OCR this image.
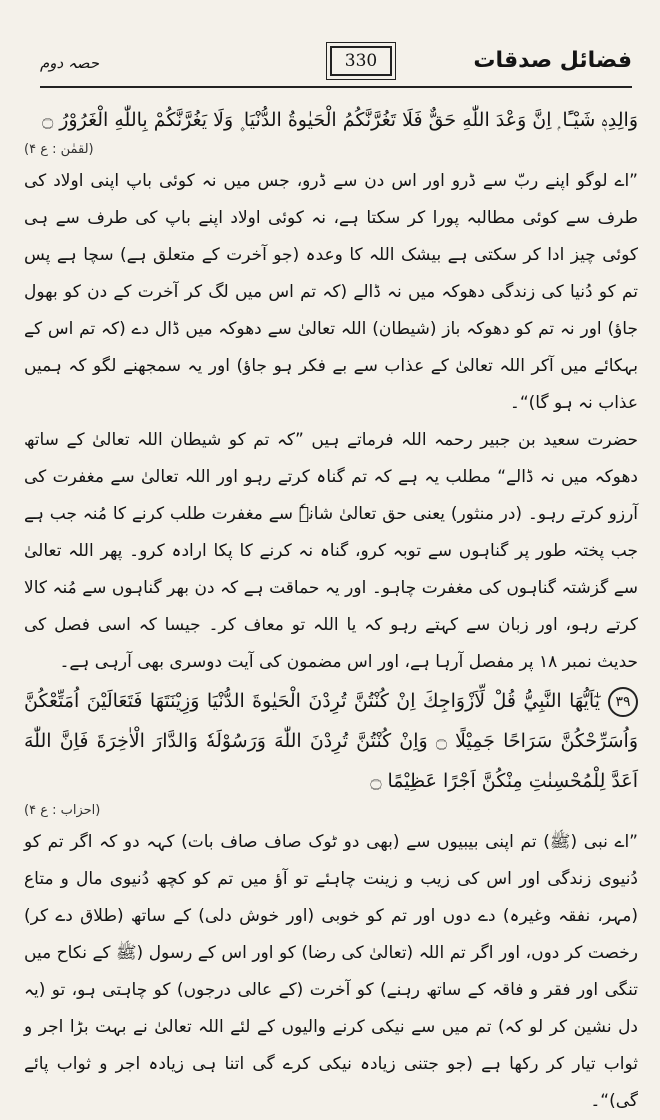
فضائل صدقات
330
حصہ دوم

وَالِدِهٖ شَيْـًٔا ۭ اِنَّ وَعْدَ اللّٰهِ حَقٌّ فَلَا تَغُرَّنَّكُمُ الْحَيٰوةُ الدُّنْيَا ۪ وَلَا يَغُرَّنَّكُمْ بِاللّٰهِ الْغَرُوْرُ ۝

(لقمٰن : ع ۴)

”اے لوگو اپنے ربّ سے ڈرو اور اس دن سے ڈرو، جس میں نہ کوئی باپ اپنی اولاد کی طرف سے کوئی مطالبہ پورا کر سکتا ہے، نہ کوئی اولاد اپنے باپ کی طرف سے ہی کوئی چیز ادا کر سکتی ہے بیشک اللہ کا وعدہ (جو آخرت کے متعلق ہے) سچا ہے پس تم کو دُنیا کی زندگی دھوکہ میں نہ ڈالے (کہ تم اس میں لگ کر آخرت کے دن کو بھول جاؤ) اور نہ تم کو دھوکہ باز (شیطان) اللہ تعالیٰ سے دھوکہ میں ڈال دے (کہ تم اس کے بہکائے میں آکر اللہ تعالیٰ کے عذاب سے بے فکر ہو جاؤ) اور یہ سمجھنے لگو کہ ہمیں عذاب نہ ہو گا)“۔

حضرت سعید بن جبیر رحمہ اللہ فرماتے ہیں ”کہ تم کو شیطان اللہ تعالیٰ کے ساتھ دھوکہ میں نہ ڈالے“ مطلب یہ ہے کہ تم گناہ کرتے رہو اور اللہ تعالیٰ سے مغفرت کی آرزو کرتے رہو۔ (در منثور) یعنی حق تعالیٰ شانہٗ سے مغفرت طلب کرنے کا مُنہ جب ہے جب پختہ طور پر گناہوں سے توبہ کرو، گناہ نہ کرنے کا پکا ارادہ کرو۔ پھر اللہ تعالیٰ سے گزشتہ گناہوں کی مغفرت چاہو۔ اور یہ حماقت ہے کہ دن بھر گناہوں سے مُنہ کالا کرتے رہو، اور زبان سے کہتے رہو کہ یا اللہ تو معاف کر۔ جیسا کہ اسی فصل کی حدیث نمبر ۱۸ پر مفصل آرہا ہے، اور اس مضمون کی آیت دوسری بھی آرہی ہے۔

۳۹يٰٓاَيُّهَا النَّبِيُّ قُلْ لِّاَزْوَاجِكَ اِنْ كُنْتُنَّ تُرِدْنَ الْحَيٰوةَ الدُّنْيَا وَزِيْنَتَهَا فَتَعَالَيْنَ اُمَتِّعْكُنَّ وَاُسَرِّحْكُنَّ سَرَاحًا جَمِيْلًا ۝ وَاِنْ كُنْتُنَّ تُرِدْنَ اللّٰهَ وَرَسُوْلَهٗ وَالدَّارَ الْاٰخِرَةَ فَاِنَّ اللّٰهَ اَعَدَّ لِلْمُحْسِنٰتِ مِنْكُنَّ اَجْرًا عَظِيْمًا ۝

(احزاب : ع ۴)

”اے نبی (ﷺ) تم اپنی بیبیوں سے (بھی دو ٹوک صاف صاف بات) کہہ دو کہ اگر تم کو دُنیوی زندگی اور اس کی زیب و زینت چاہئے تو آؤ میں تم کو کچھ دُنیوی مال و متاع (مہر، نفقہ وغیرہ) دے دوں اور تم کو خوبی (اور خوش دلی) کے ساتھ (طلاق دے کر) رخصت کر دوں، اور اگر تم اللہ (تعالیٰ کی رضا) کو اور اس کے رسول (ﷺ کے نکاح میں تنگی اور فقر و فاقہ کے ساتھ رہنے) کو آخرت (کے عالی درجوں) کو چاہتی ہو، تو (یہ دل نشین کر لو کہ) تم میں سے نیکی کرنے والیوں کے لئے اللہ تعالیٰ نے بہت بڑا اجر و ثواب تیار کر رکھا ہے (جو جتنی زیادہ نیکی کرے گی اتنا ہی زیادہ اجر و ثواب پائے گی)“۔
